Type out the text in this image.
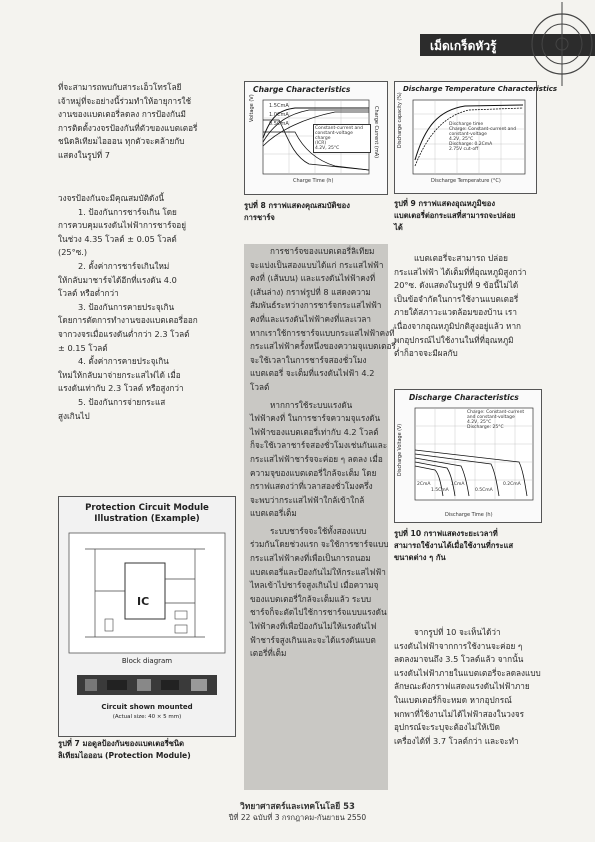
เม็ดเกร็ดหัวรู้
ที่จะสามารถพบกับสาระเอ็วโทรโลยี
เจ้าหมู่ที่จะอย่างนี้ร่วมทำให้อายุการใช้
งานของแบตเตอรี่ลดลง การป้องกันมี
การติดตั้งวงจรป้องกันที่ตัวของแบตเตอรี่
ชนิดลิเทียมไอออน ทุกตัวจะคล้ายกับ
แสดงในรูปที่ 7
วงจรป้องกันจะมีคุณสมบัติดังนี้
1. ป้องกันการชาร์จเกิน โดย
การควบคุมแรงดันไฟฟ้าการชาร์จอยู่
ในช่วง 4.35 โวลต์ ± 0.05 โวลต์
(25°ซ.)
2. ตั้งค่าการชาร์จเกินใหม่
ให้กลับมาชาร์จได้อีกที่แรงดัน 4.0
โวลต์ หรือต่ำกว่า
3. ป้องกันการคายประจุเกิน
โดยการตัดการทำงานของแบตเตอรี่ออก
จากวงจรเมื่อแรงดันต่ำกว่า 2.3 โวลต์
± 0.15 โวลต์
4. ตั้งค่าการคายประจุเกิน
ใหม่ให้กลับมาจ่ายกระแสไฟได้ เมื่อ
แรงดันเท่ากับ 2.3 โวลต์ หรือสูงกว่า
5. ป้องกันการจ่ายกระแส
สูงเกินไป
Protection Circuit Module Illustration (Example)
IC
Block diagram
Circuit shown mounted
(Actual size: 40 × 5 mm)
รูปที่ 7 มอดูลป้องกันของแบตเตอรี่ชนิด
ลิเทียมไอออน (Protection Module)
Charge Characteristics
Voltage (V)	Charge Current (mA)
Charge Time (h)
1.5CmA
1.0CmA
0.5CmA
Constant-current and constant-voltage charge
(ICR)
4.2V, 25°C
รูปที่ 8 กราฟแสดงคุณสมบัติของ
การชาร์จ
การชาร์จของแบตเตอรี่ลิเทียม
จะแบ่งเป็นสองแบบได้แก่ กระแสไฟฟ้า
คงที่ (เส้นบน) และแรงดันไฟฟ้าคงที่
(เส้นล่าง) กราฟรูปที่ 8 แสดงความ
สัมพันธ์ระหว่างการชาร์จกระแสไฟฟ้า
คงที่และแรงดันไฟฟ้าคงที่และเวลา
หากเราใช้การชาร์จแบบกระแสไฟฟ้าคงที่
กระแสไฟฟ้าครั้งหนึ่งของความจุแบตเตอรี่
จะใช้เวลาในการชาร์จสองชั่วโมง
แบตเตอรี่ จะเต็มที่แรงดันไฟฟ้า 4.2
โวลต์
หากการใช้ระบบแรงดัน
ไฟฟ้าคงที่ ในการชาร์จความจุแรงดัน
ไฟฟ้าของแบตเตอรี่เท่ากับ 4.2 โวลต์
ก็จะใช้เวลาชาร์จสองชั่วโมงเช่นกันและ
กระแสไฟฟ้าชาร์จจะค่อย ๆ ลดลง เมื่อ
ความจุของแบตเตอรี่ใกล้จะเต็ม โดย
กราฟแสดงว่าที่เวลาสองชั่วโมงครึ่ง
จะพบว่ากระแสไฟฟ้าใกล้เข้าใกล้
แบตเตอรี่เต็ม
ระบบชาร์จจะใช้ทั้งสองแบบ
ร่วมกันโดยช่วงแรก จะใช้การชาร์จแบบ
กระแสไฟฟ้าคงที่เพื่อเป็นการถนอม
แบตเตอรี่และป้องกันไม่ให้กระแสไฟฟ้า
ไหลเข้าไปชาร์จสูงเกินไป เมื่อความจุ
ของแบตเตอรี่ใกล้จะเต็มแล้ว ระบบ
ชาร์จก็จะตัดไปใช้การชาร์จแบบแรงดัน
ไฟฟ้าคงที่เพื่อป้องกันไม่ให้แรงดันไฟ
ฟ้าชาร์จสูงเกินและจะได้แรงดันแบต
เตอรี่ที่เต็ม
Discharge Temperature Characteristics
Discharge capacity (%)
Discharge Temperature (°C)
Discharge time
Charge: Constant-current and constant-voltage
4.2V, 25°C
Discharge: 0.2CmA
2.75V cut-off
รูปที่ 9 กราฟแสดงอุณหภูมิของ
แบตเตอรี่ต่อกระแสที่สามารถจะปล่อย
ได้
แบตเตอรี่จะสามารถ ปล่อย
กระแสไฟฟ้า ได้เต็มที่ที่อุณหภูมิสูงกว่า
20°ซ. ดังแสดงในรูปที่ 9 ข้อนี้ไม่ได้
เป็นข้อจำกัดในการใช้งานแบตเตอรี่
ภายใต้สภาวะแวดล้อมของบ้าน เรา
เนื่องจากอุณหภูมิปกติสูงอยู่แล้ว หาก
พกอุปกรณ์ไปใช้งานในที่ที่อุณหภูมิ
ต่ำก็อาจจะมีผลกับ
Discharge Characteristics
Discharge Voltage (V)
Discharge Time (h)
Charge: Constant-current and constant-voltage
4.2V, 25°C
Discharge: 25°C
2CmA
1.5CmA
1CmA
0.5CmA
0.2CmA
รูปที่ 10 กราฟแสดงระยะเวลาที่
สามารถใช้งานได้เมื่อใช้งานที่กระแส
ขนาดต่าง ๆ กัน
จากรูปที่ 10 จะเห็นได้ว่า
แรงดันไฟฟ้าจากการใช้งานจะค่อย ๆ
ลดลงมาจนถึง 3.5 โวลต์แล้ว จากนั้น
แรงดันไฟฟ้าภายในแบตเตอรี่จะลดลงแบบ
ลักษณะดังกราฟแสดงแรงดันไฟฟ้าภาย
ในแบตเตอรี่ก็จะหมด หากอุปกรณ์
พกพาที่ใช้งานไม่ได้ไฟฟ้าสองในวงจร
อุปกรณ์จะระบุจะต้องไม่ให้เปิด
เครื่องได้ที่ 3.7 โวลต์กว่า และจะทำ
วิทยาศาสตร์และเทคโนโลยี 53
ปีที่ 22 ฉบับที่ 3 กรกฎาคม-กันยายน 2550
